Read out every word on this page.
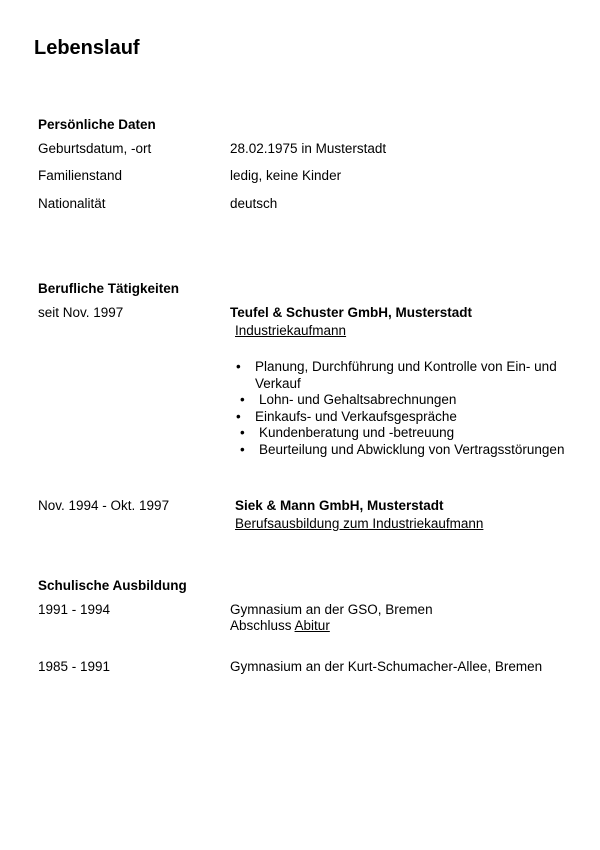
Lebenslauf
Persönliche Daten
Geburtsdatum, -ort	28.02.1975 in Musterstadt
Familienstand	ledig, keine Kinder
Nationalität	deutsch
Berufliche Tätigkeiten
seit Nov. 1997	Teufel & Schuster GmbH, Musterstadt
Industriekaufmann
• Planung, Durchführung und Kontrolle von Ein- und Verkauf
• Lohn- und Gehaltsabrechnungen
• Einkaufs- und Verkaufsgespräche
• Kundenberatung und -betreuung
• Beurteilung und Abwicklung von Vertragsstörungen
Nov. 1994 - Okt. 1997	Siek & Mann GmbH, Musterstadt
Berufsausbildung zum Industriekaufmann
Schulische Ausbildung
1991 - 1994	Gymnasium an der GSO, Bremen
Abschluss Abitur
1985 - 1991	Gymnasium an der Kurt-Schumacher-Allee, Bremen
